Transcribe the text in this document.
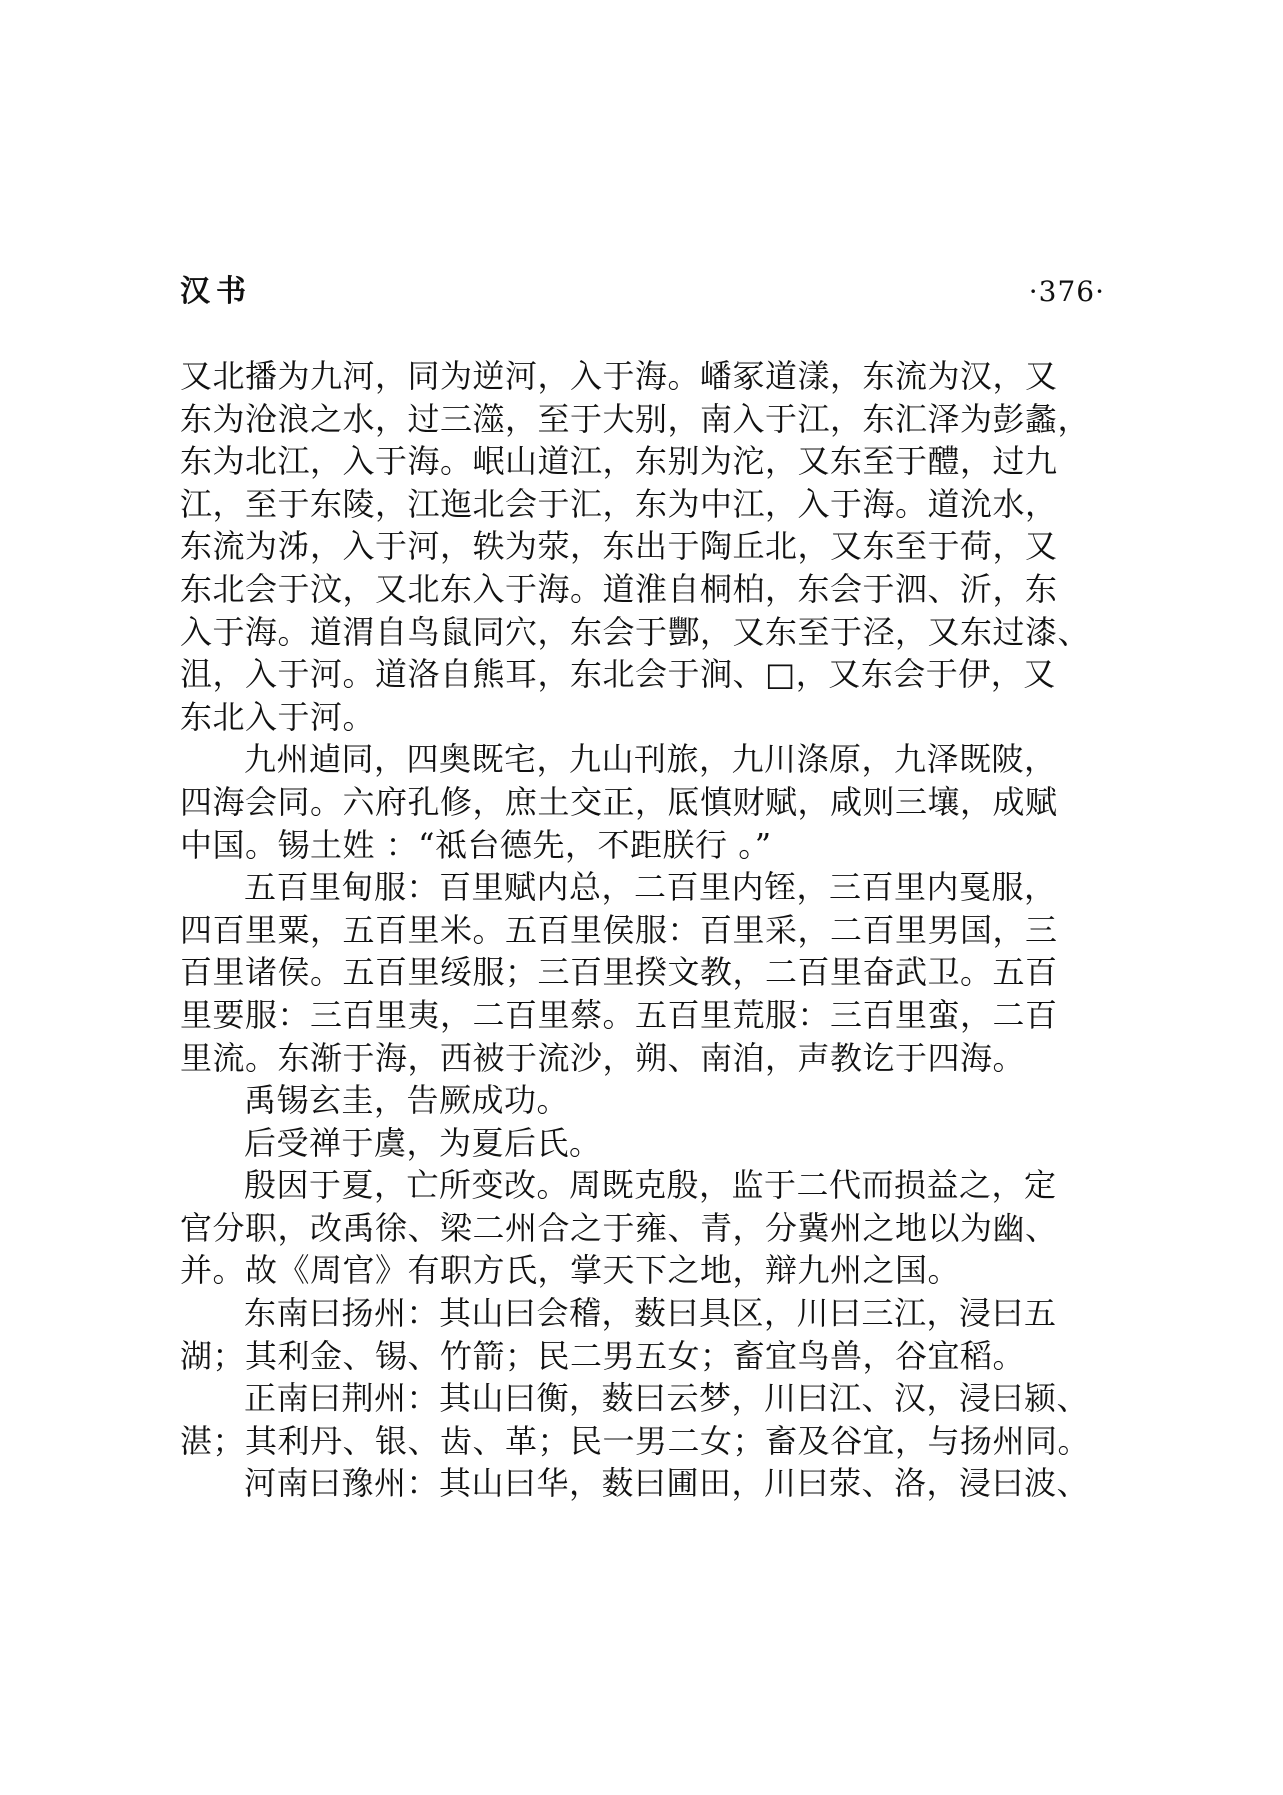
汉书	·376·
又北播为九河，同为逆河，入于海。嶓冢道漾，东流为汉，又
东为沧浪之水，过三澨，至于大别，南入于江，东汇泽为彭蠡，
东为北江，入于海。岷山道江，东别为沱，又东至于醴，过九
江，至于东陵，江迤北会于汇，东为中江，入于海。道沇水，
东流为泲，入于河，轶为荥，东出于陶丘北，又东至于荷，又
东北会于汶，又北东入于海。道淮自桐柏，东会于泗、沂，东
入于海。道渭自鸟鼠同穴，东会于酆，又东至于泾，又东过漆、
沮，入于河。道洛自熊耳，东北会于涧、□，又东会于伊，又
东北入于河。
九州逌同，四奥既宅，九山刊旅，九川涤原，九泽既陂，
四海会同。六府孔修，庶土交正，厎慎财赋，咸则三壤，成赋
中国。锡土姓 ：“祗台德先，不距朕行 。”
五百里甸服：百里赋内总，二百里内铚，三百里内戛服，
四百里粟，五百里米。五百里侯服：百里采，二百里男国，三
百里诸侯。五百里绥服；三百里揆文教，二百里奋武卫。五百
里要服：三百里夷，二百里蔡。五百里荒服：三百里蛮，二百
里流。东渐于海，西被于流沙，朔、南洎，声教讫于四海。
禹锡玄圭，告厥成功。
后受禅于虞，为夏后氏。
殷因于夏，亡所变改。周既克殷，监于二代而损益之，定
官分职，改禹徐、梁二州合之于雍、青，分冀州之地以为幽、
并。故《周官》有职方氏，掌天下之地，辩九州之国。
东南曰扬州：其山曰会稽，薮曰具区，川曰三江，浸曰五
湖；其利金、锡、竹箭；民二男五女；畜宜鸟兽，谷宜稻。
正南曰荆州：其山曰衡，薮曰云梦，川曰江、汉，浸曰颍、
湛；其利丹、银、齿、革；民一男二女；畜及谷宜，与扬州同。
河南曰豫州：其山曰华，薮曰圃田，川曰荥、洛，浸曰波、
